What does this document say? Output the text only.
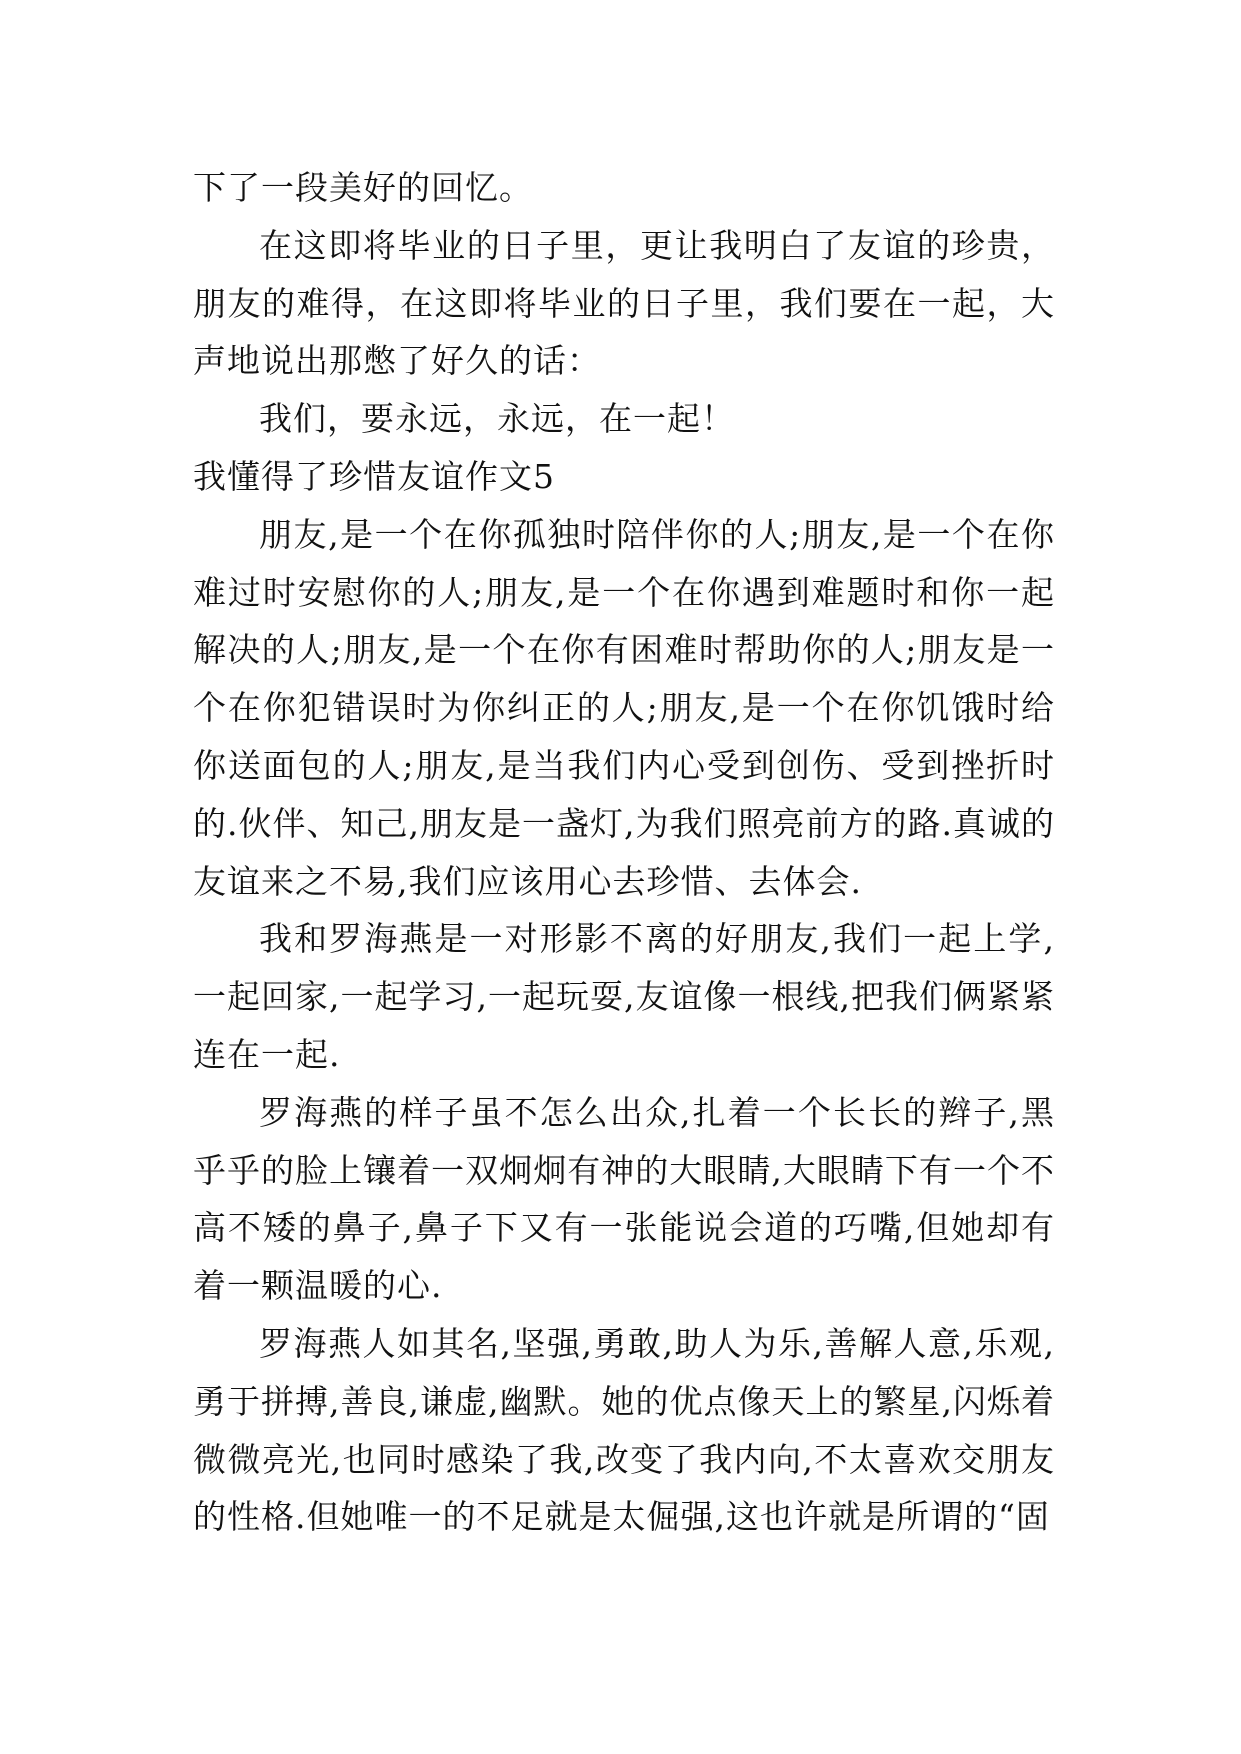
下了一段美好的回忆。

在这即将毕业的日子里，更让我明白了友谊的珍贵，朋友的难得，在这即将毕业的日子里，我们要在一起，大声地说出那憋了好久的话：

我们，要永远，永远，在一起！

我懂得了珍惜友谊作文5

朋友,是一个在你孤独时陪伴你的人;朋友,是一个在你难过时安慰你的人;朋友,是一个在你遇到难题时和你一起解决的人;朋友,是一个在你有困难时帮助你的人;朋友是一个在你犯错误时为你纠正的人;朋友,是一个在你饥饿时给你送面包的人;朋友,是当我们内心受到创伤、受到挫折时的.伙伴、知己,朋友是一盏灯,为我们照亮前方的路.真诚的友谊来之不易,我们应该用心去珍惜、去体会.

我和罗海燕是一对形影不离的好朋友,我们一起上学,一起回家,一起学习,一起玩耍,友谊像一根线,把我们俩紧紧连在一起.

罗海燕的样子虽不怎么出众,扎着一个长长的辫子,黑乎乎的脸上镶着一双炯炯有神的大眼睛,大眼睛下有一个不高不矮的鼻子,鼻子下又有一张能说会道的巧嘴,但她却有着一颗温暖的心.

罗海燕人如其名,坚强,勇敢,助人为乐,善解人意,乐观,勇于拼搏,善良,谦虚,幽默。她的优点像天上的繁星,闪烁着微微亮光,也同时感染了我,改变了我内向,不太喜欢交朋友的性格.但她唯一的不足就是太倔强,这也许就是所谓的“固
